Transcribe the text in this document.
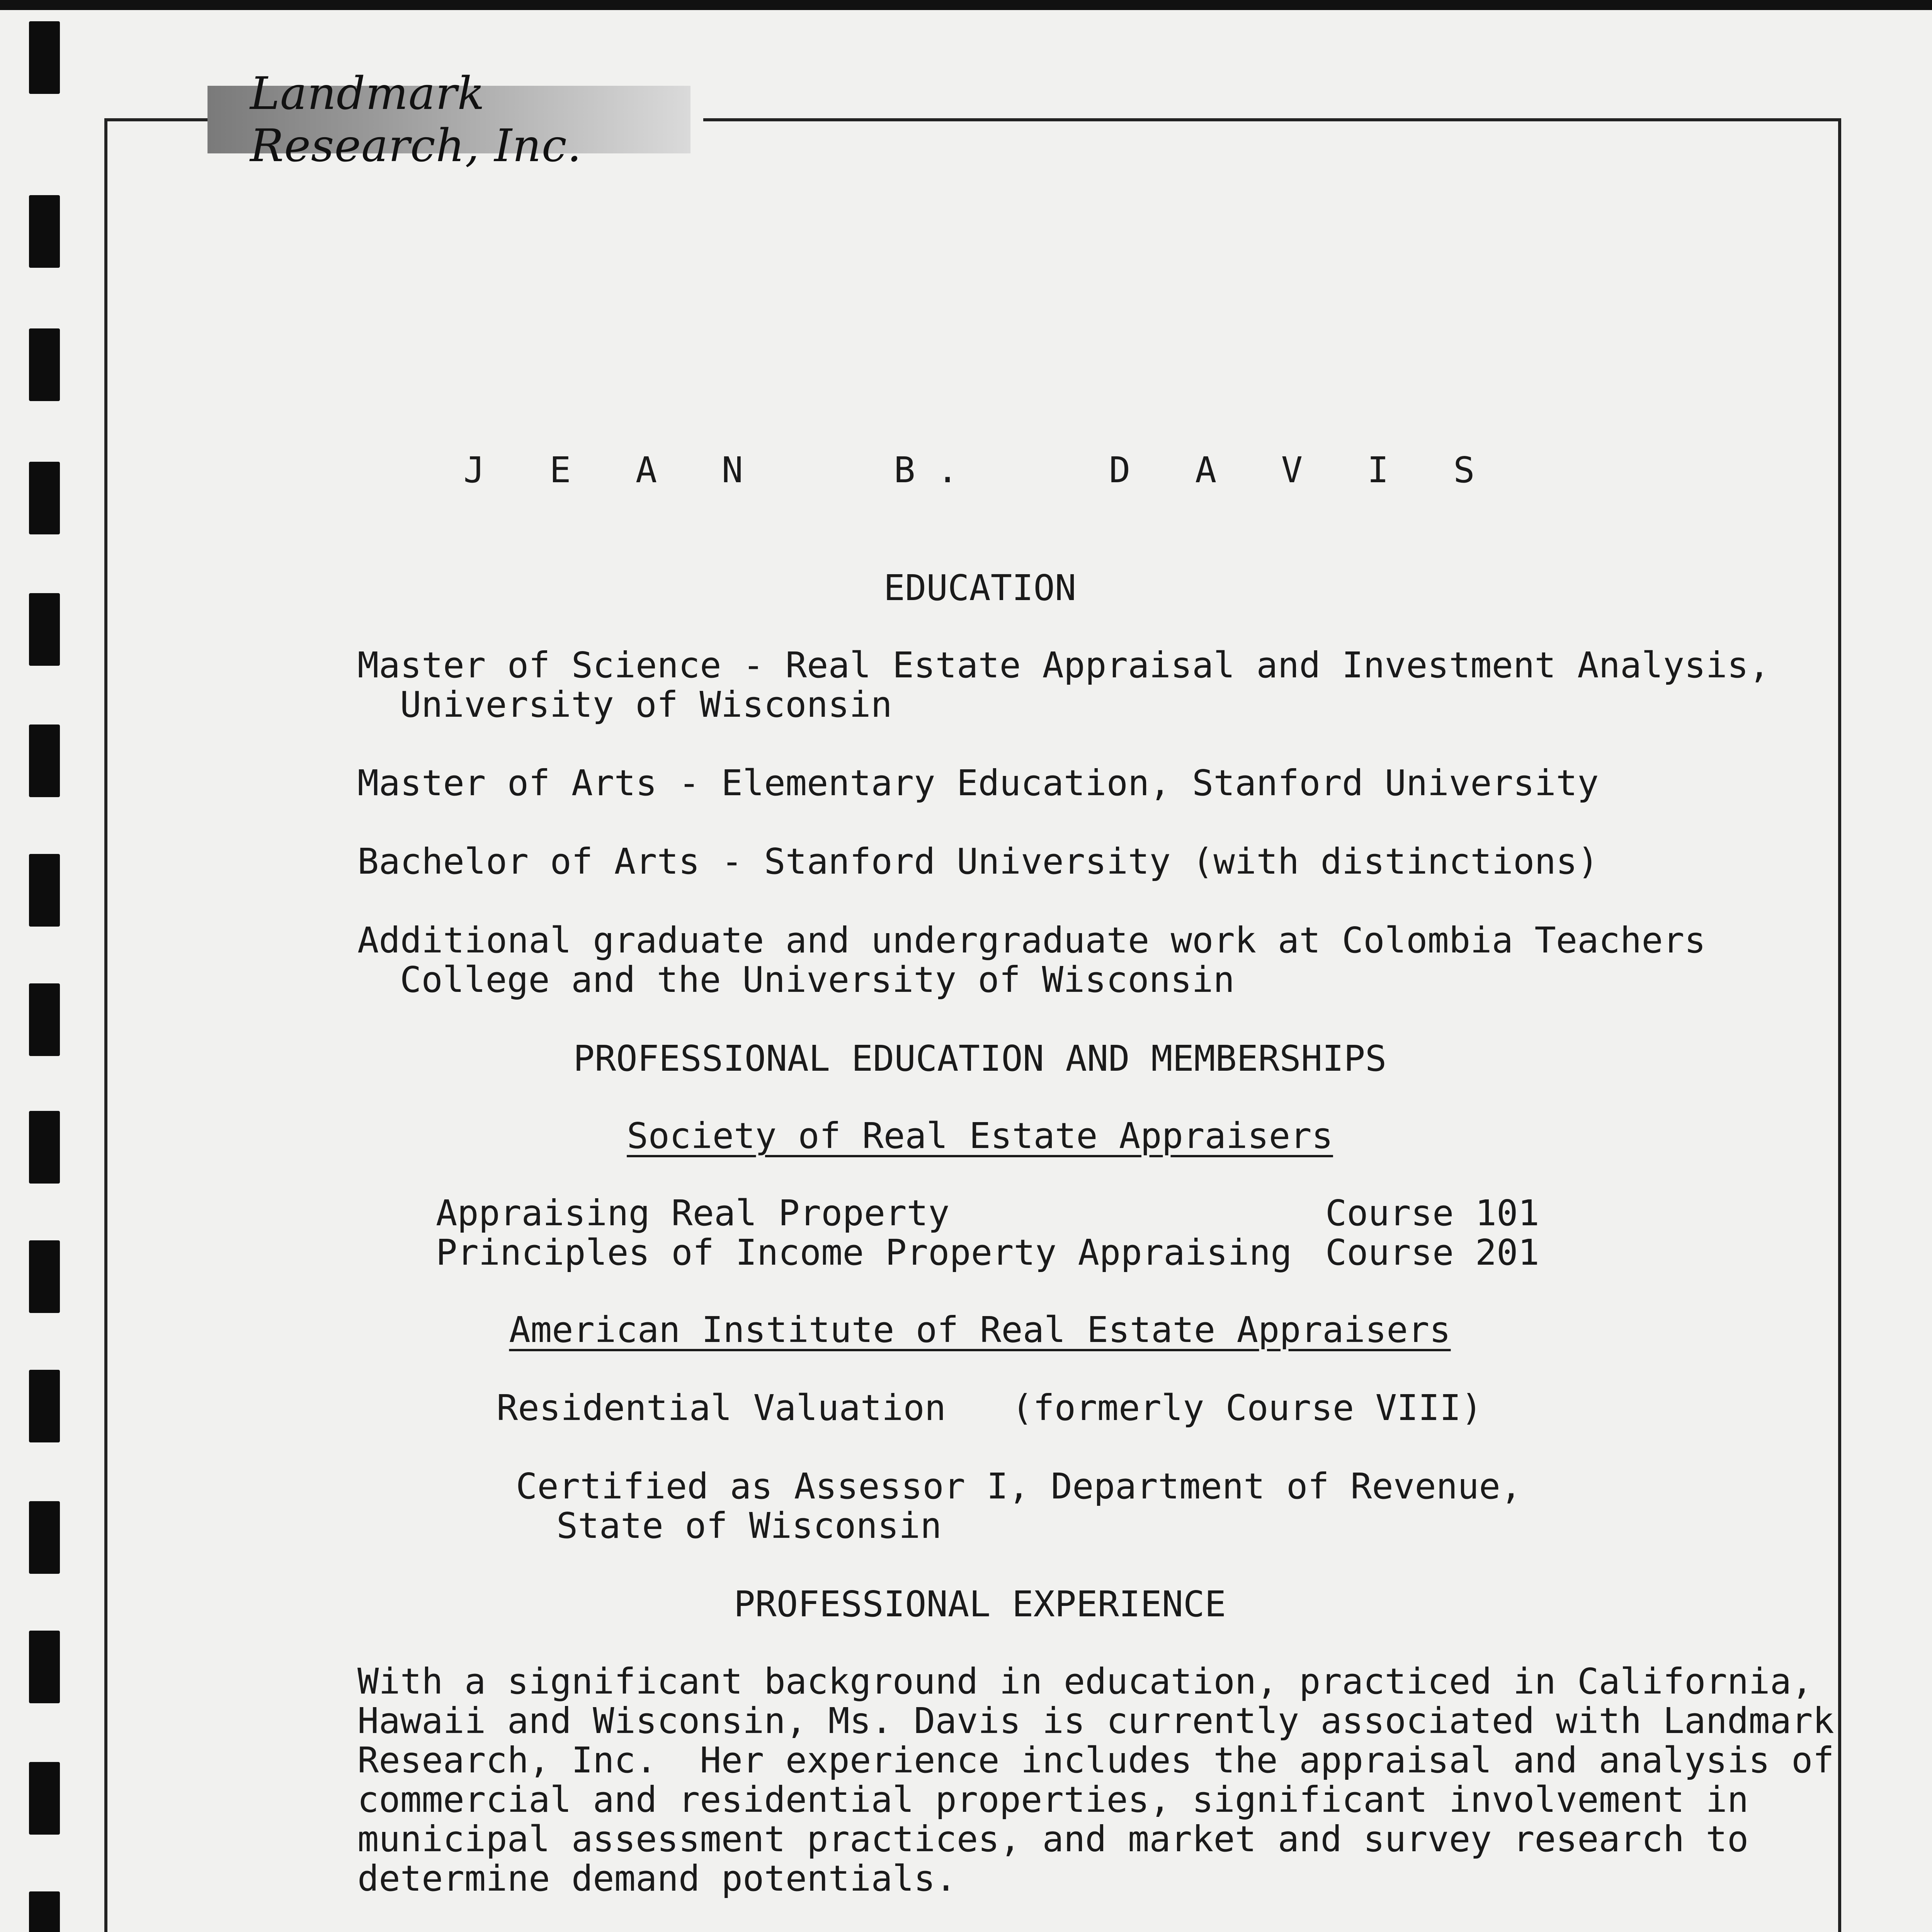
Landmark Research, Inc.
J E A N   B.   D A V I S
EDUCATION
Master of Science - Real Estate Appraisal and Investment Analysis,
University of Wisconsin
Master of Arts - Elementary Education, Stanford University
Bachelor of Arts - Stanford University (with distinctions)
Additional graduate and undergraduate work at Colombia Teachers
College and the University of Wisconsin
PROFESSIONAL EDUCATION AND MEMBERSHIPS
Society of Real Estate Appraisers
Appraising Real Property	Course 101
Principles of Income Property Appraising Course 201
American Institute of Real Estate Appraisers
Residential Valuation (formerly Course VIII)
Certified as Assessor I, Department of Revenue,
State of Wisconsin
PROFESSIONAL EXPERIENCE
With a significant background in education, practiced in California,
Hawaii and Wisconsin, Ms. Davis is currently associated with Landmark
Research, Inc.  Her experience includes the appraisal and analysis of
commercial and residential properties, significant involvement in
municipal assessment practices, and market and survey research to
determine demand potentials.
